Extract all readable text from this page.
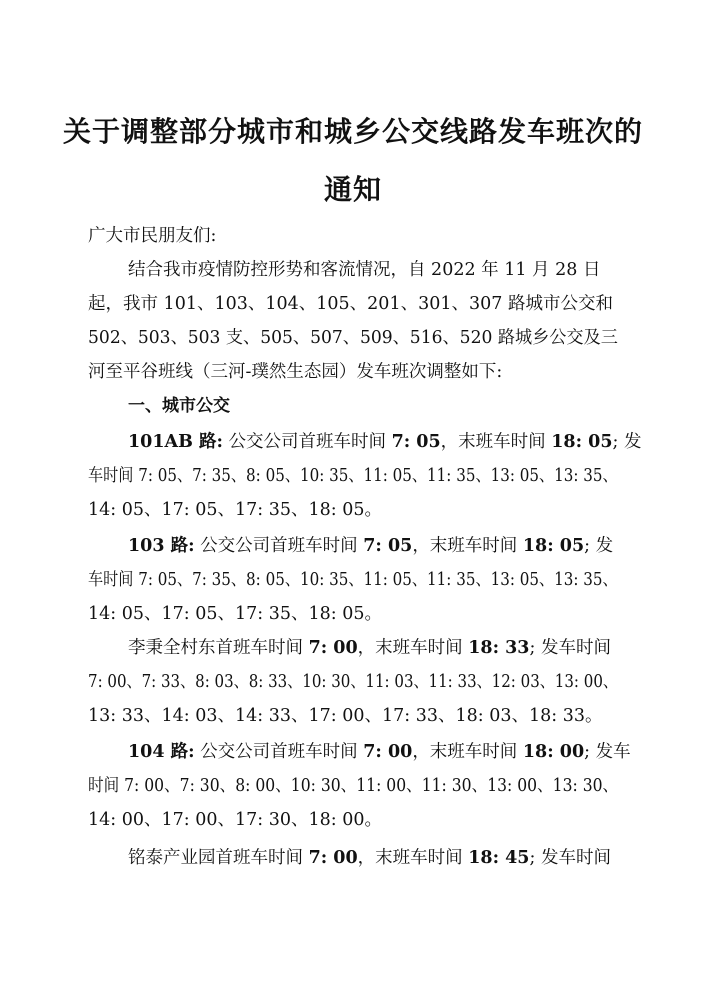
关于调整部分城市和城乡公交线路发车班次的
通知
广大市民朋友们:
结合我市疫情防控形势和客流情况，自 2022 年 11 月 28 日
起，我市 101、103、104、105、201、301、307 路城市公交和
502、503、503 支、505、507、509、516、520 路城乡公交及三
河至平谷班线（三河-璞然生态园）发车班次调整如下:
一、城市公交
101AB 路: 公交公司首班车时间 7: 05，末班车时间 18: 05; 发
车时间 7: 05、7: 35、8: 05、10: 35、11: 05、11: 35、13: 05、13: 35、
14: 05、17: 05、17: 35、18: 05。
103 路: 公交公司首班车时间 7: 05，末班车时间 18: 05; 发
车时间 7: 05、7: 35、8: 05、10: 35、11: 05、11: 35、13: 05、13: 35、
14: 05、17: 05、17: 35、18: 05。
李秉全村东首班车时间 7: 00，末班车时间 18: 33; 发车时间
7: 00、7: 33、8: 03、8: 33、10: 30、11: 03、11: 33、12: 03、13: 00、
13: 33、14: 03、14: 33、17: 00、17: 33、18: 03、18: 33。
104 路: 公交公司首班车时间 7: 00，末班车时间 18: 00; 发车
时间 7: 00、7: 30、8: 00、10: 30、11: 00、11: 30、13: 00、13: 30、
14: 00、17: 00、17: 30、18: 00。
铭泰产业园首班车时间 7: 00，末班车时间 18: 45; 发车时间
